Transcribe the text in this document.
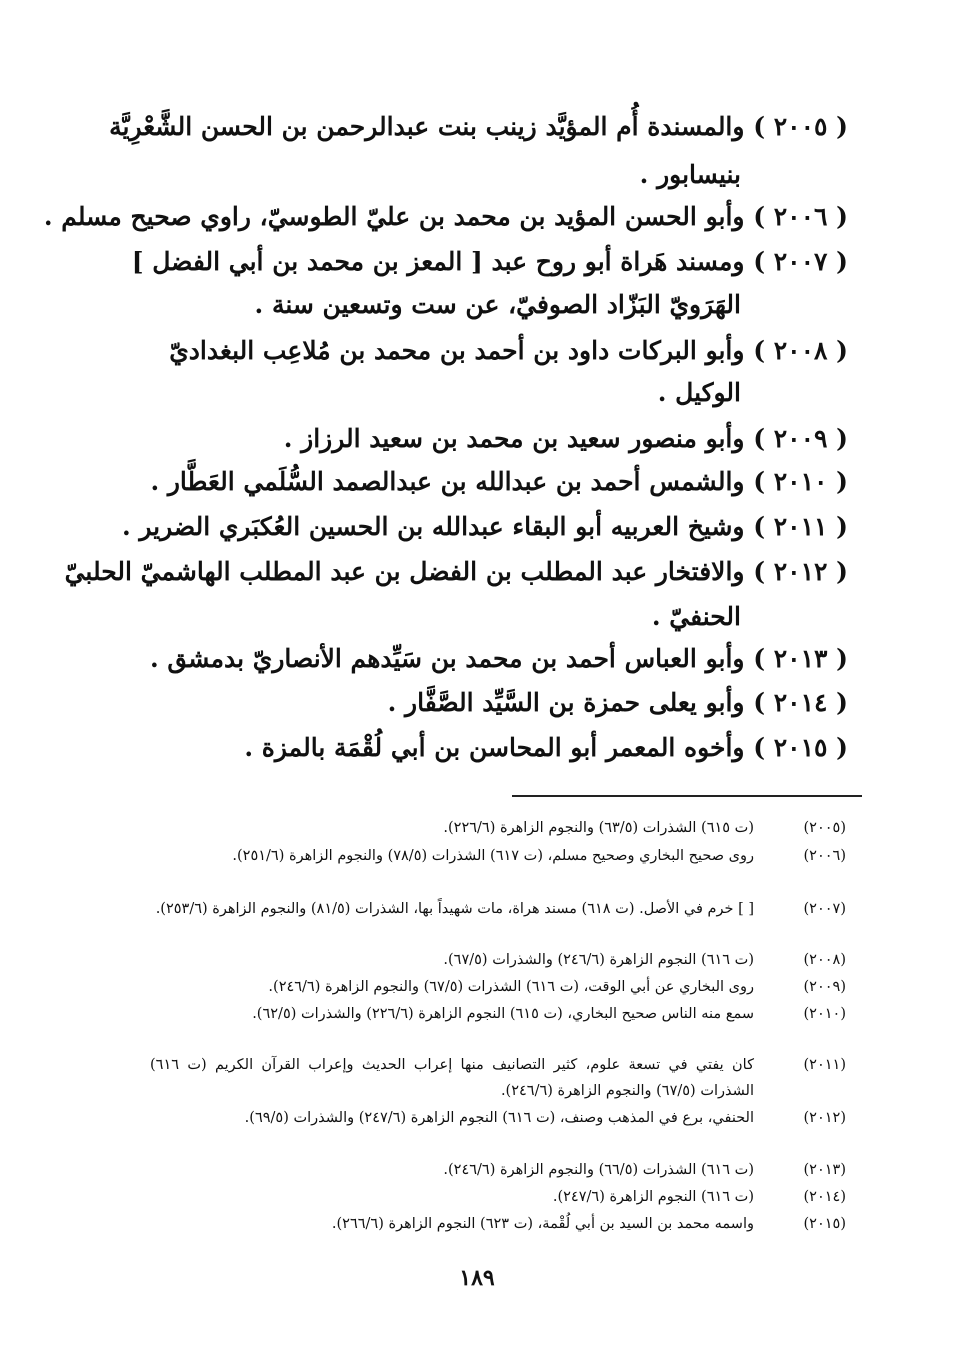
( ٢٠٠٥ ) والمسندة أُم المؤيَّد زينب بنت عبدالرحمن بن الحسن الشَّعْرِيَّة
بنيسابور .
( ٢٠٠٦ ) وأبو الحسن المؤيد بن محمد بن عليّ الطوسيّ، راوي صحيح مسلم .
( ٢٠٠٧ ) ومسند هَراة أبو روح عبد [ المعز بن محمد بن أبي الفضل ]
الهَرَويّ البَزّاد الصوفيّ، عن ست وتسعين سنة .
( ٢٠٠٨ ) وأبو البركات داود بن أحمد بن محمد بن مُلاعِب البغداديّ
الوكيل .
( ٢٠٠٩ ) وأبو منصور سعيد بن محمد بن سعيد الرزاز .
( ٢٠١٠ ) والشمس أحمد بن عبدالله بن عبدالصمد السُّلَمي العَطَّار .
( ٢٠١١ ) وشيخ العربيه أبو البقاء عبدالله بن الحسين العُكبَري الضرير .
( ٢٠١٢ ) والافتخار عبد المطلب بن الفضل بن عبد المطلب الهاشميّ الحلبيّ
الحنفيّ .
( ٢٠١٣ ) وأبو العباس أحمد بن محمد بن سَيِّدهم الأنصاريّ بدمشق .
( ٢٠١٤ ) وأبو يعلى حمزة بن السَّيِّد الصَّفَّار .
( ٢٠١٥ ) وأخوه المعمر أبو المحاسن بن أبي لُقْمَة بالمزة .
(٢٠٠٥)
(ت ٦١٥) الشذرات (٦٣/٥) والنجوم الزاهرة (٢٢٦/٦).
(٢٠٠٦)
روى صحيح البخاري وصحيح مسلم، (ت ٦١٧) الشذرات (٧٨/٥) والنجوم الزاهرة (٢٥١/٦).
(٢٠٠٧)
[ ] خرم في الأصل. (ت ٦١٨) مسند هراة، مات شهيداً بها، الشذرات (٨١/٥) والنجوم الزاهرة (٢٥٣/٦).
(٢٠٠٨)
(ت ٦١٦) النجوم الزاهرة (٢٤٦/٦) والشذرات (٦٧/٥).
(٢٠٠٩)
روى البخاري عن أبي الوقت، (ت ٦١٦) الشذرات (٦٧/٥) والنجوم الزاهرة (٢٤٦/٦).
(٢٠١٠)
سمع منه الناس صحيح البخاري، (ت ٦١٥) النجوم الزاهرة (٢٢٦/٦) والشذرات (٦٢/٥).
(٢٠١١)
كان يفتي في تسعة علوم، كثير التصانيف منها إعراب الحديث وإعراب القرآن الكريم (ت ٦١٦) الشذرات (٦٧/٥) والنجوم الزاهرة (٢٤٦/٦).
(٢٠١٢)
الحنفي، برع في المذهب وصنف، (ت ٦١٦) النجوم الزاهرة (٢٤٧/٦) والشذرات (٦٩/٥).
(٢٠١٣)
(ت ٦١٦) الشذرات (٦٦/٥) والنجوم الزاهرة (٢٤٦/٦).
(٢٠١٤)
(ت ٦١٦) النجوم الزاهرة (٢٤٧/٦).
(٢٠١٥)
واسمه محمد بن السيد بن أبي لُقْمة، (ت ٦٢٣) النجوم الزاهرة (٢٦٦/٦).
١٨٩
